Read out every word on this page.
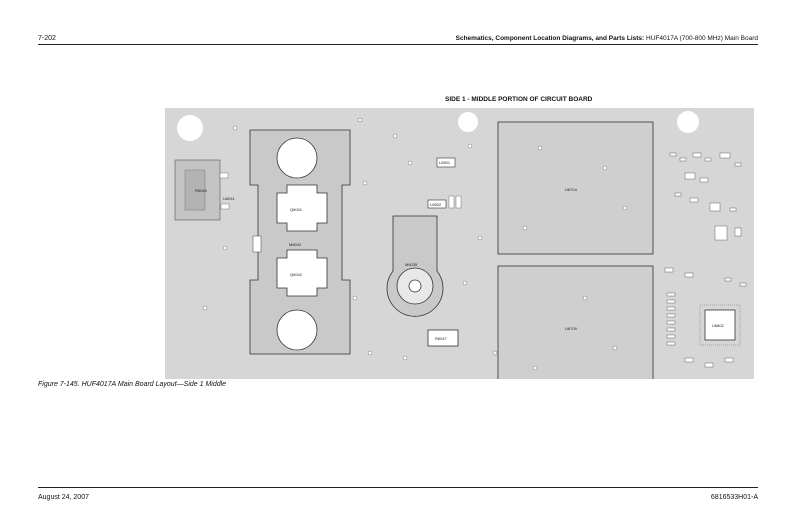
7-202	Schematics, Component Location Diagrams, and Parts Lists: HUF4017A (700-800 MHz) Main Board
SIDE 1 - MIDDLE PORTION OF CIRCUIT BOARD
R6045
U6041
Q6041
Q6042
M6042
M6035
R6047
L6501
L6502
U6704
U6705
U6802
Figure 7-145. HUF4017A Main Board Layout—Side 1 Middle
August 24, 2007	6816533H01-A
